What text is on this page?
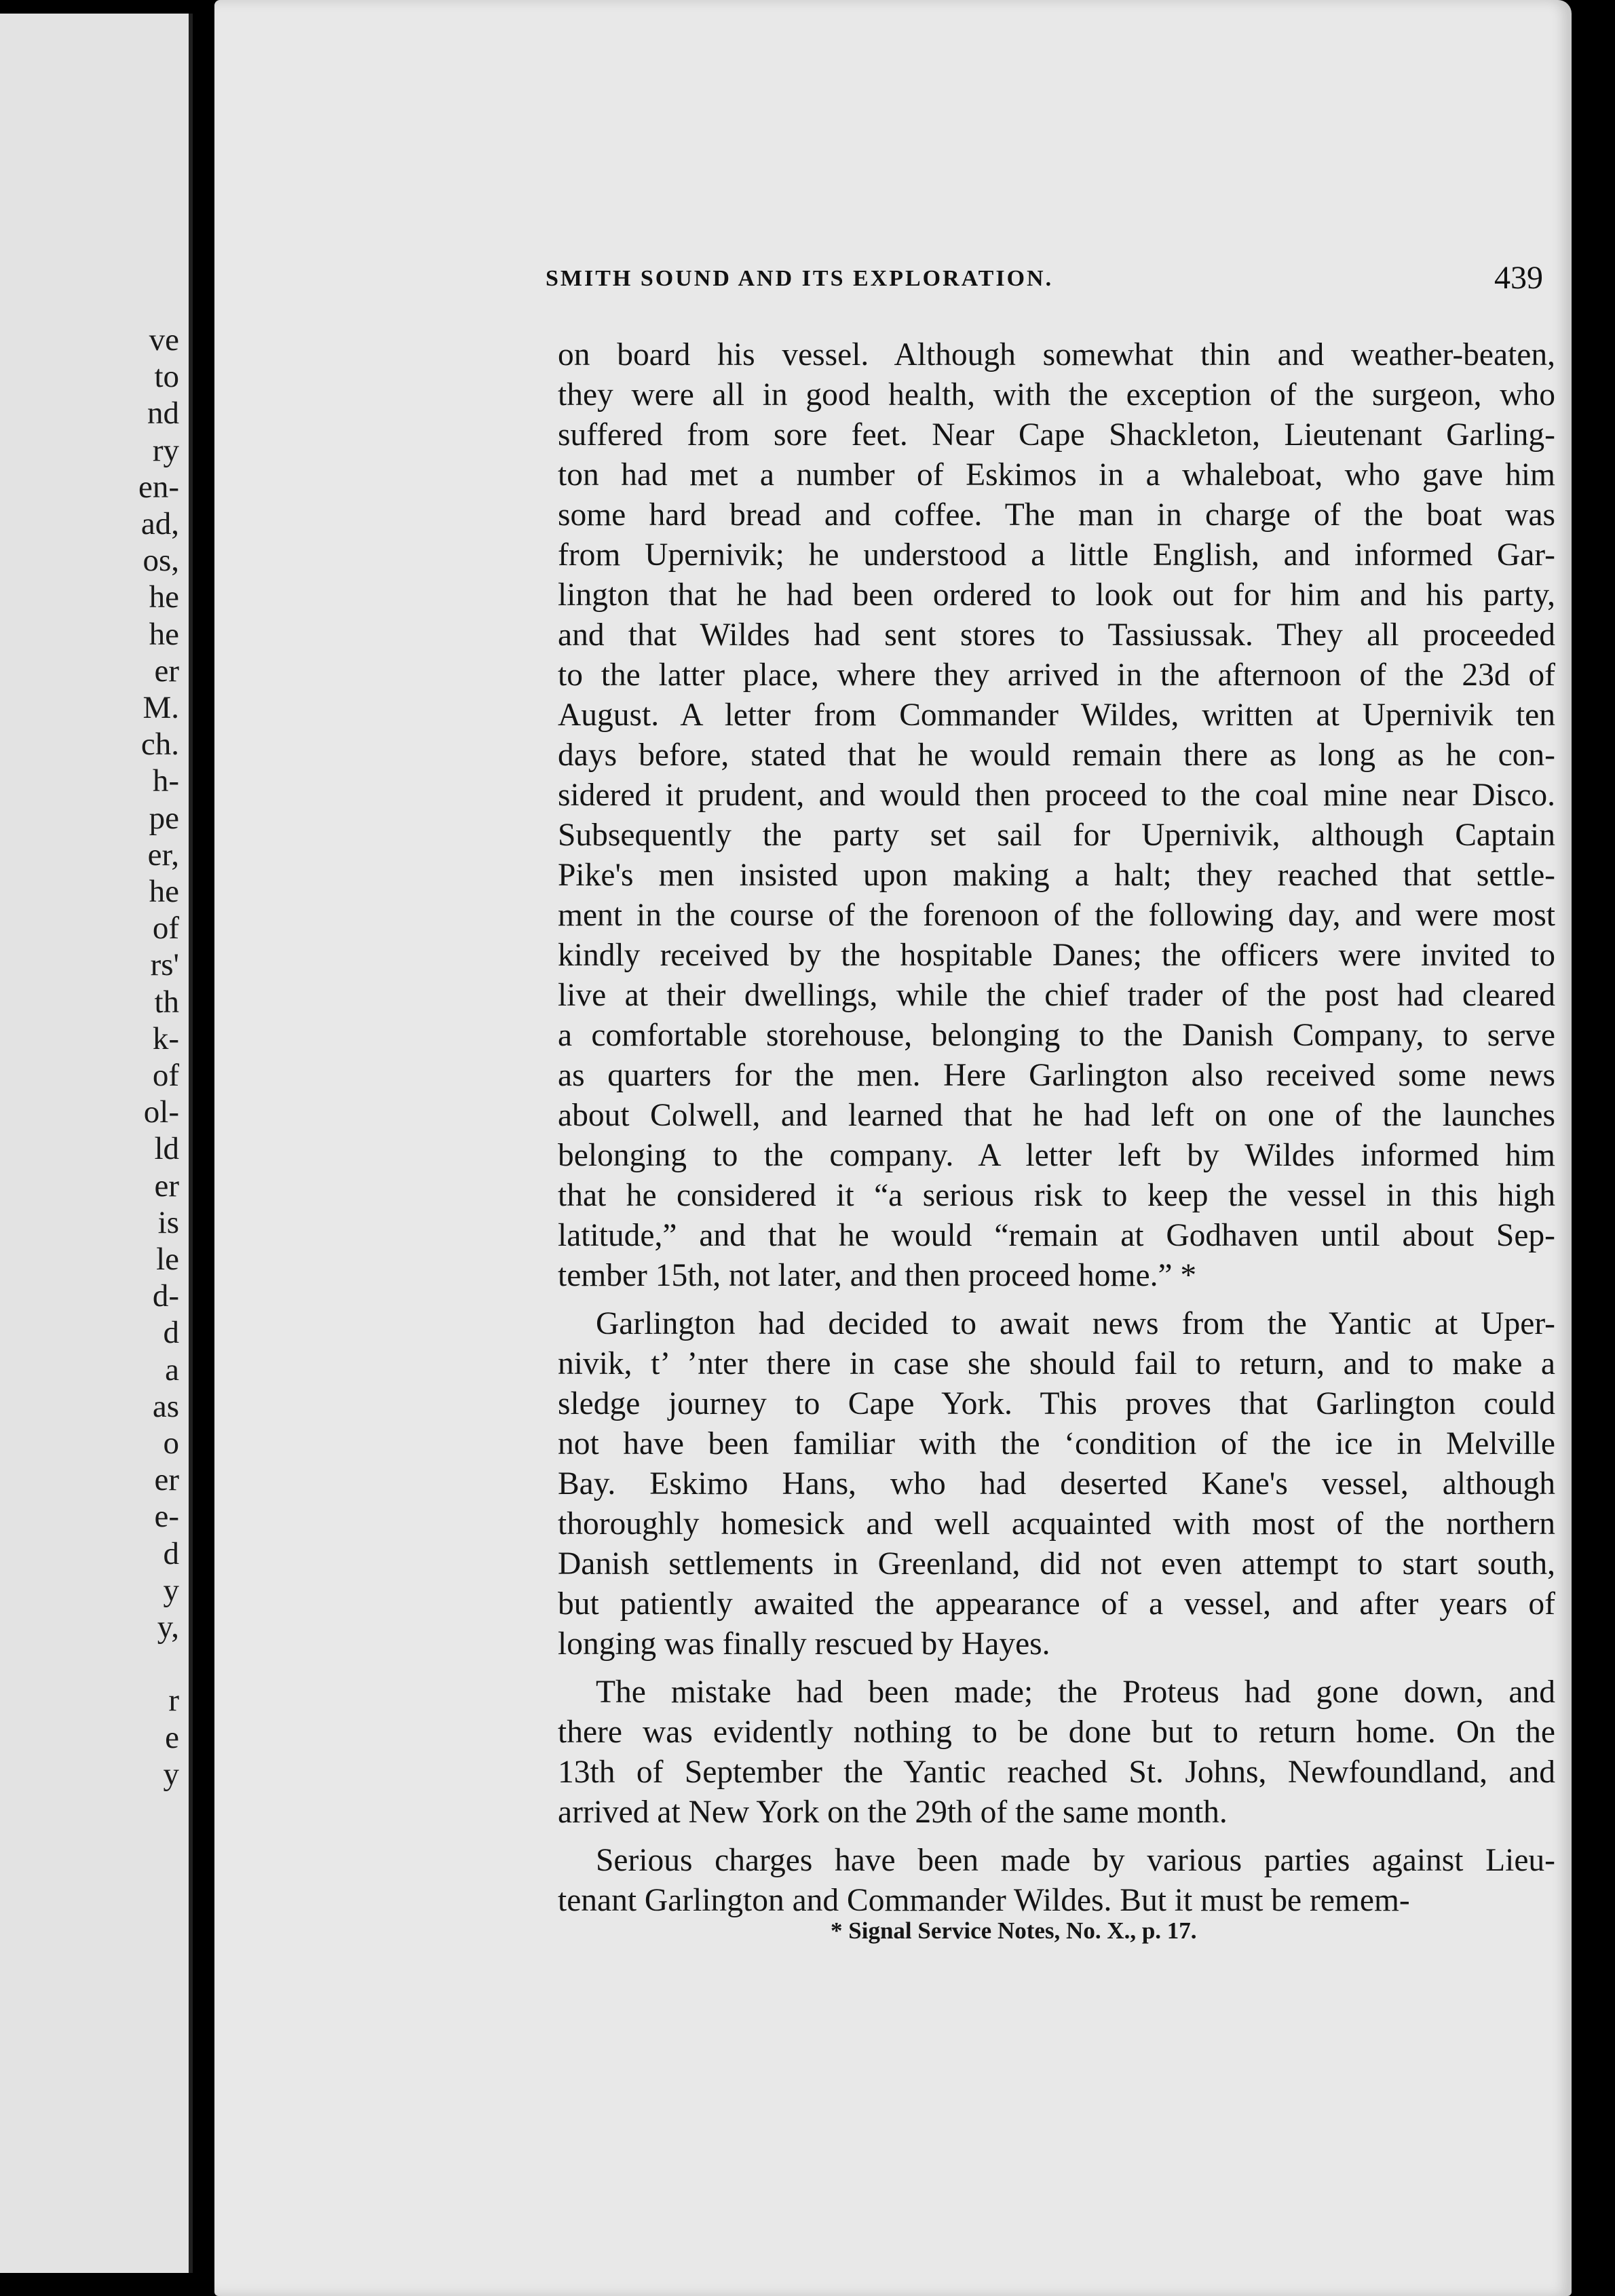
ve
to
nd
ry
en-
ad,
os,
he
he
er
M.
ch.
h-
pe
er,
he
of
rs'
th
k-
of
ol-
ld
er
is
le
d-
d
a
as
o
er
e-
d
y
y,
r
e
y
SMITH SOUND AND ITS EXPLORATION.	439
on board his vessel. Although somewhat thin and weather-beaten,
they were all in good health, with the exception of the surgeon, who
suffered from sore feet. Near Cape Shackleton, Lieutenant Garling-
ton had met a number of Eskimos in a whaleboat, who gave him
some hard bread and coffee. The man in charge of the boat was
from Upernivik; he understood a little English, and informed Gar-
lington that he had been ordered to look out for him and his party,
and that Wildes had sent stores to Tassiussak. They all proceeded
to the latter place, where they arrived in the afternoon of the 23d of
August. A letter from Commander Wildes, written at Upernivik ten
days before, stated that he would remain there as long as he con-
sidered it prudent, and would then proceed to the coal mine near Disco.
Subsequently the party set sail for Upernivik, although Captain
Pike's men insisted upon making a halt; they reached that settle-
ment in the course of the forenoon of the following day, and were most
kindly received by the hospitable Danes; the officers were invited to
live at their dwellings, while the chief trader of the post had cleared
a comfortable storehouse, belonging to the Danish Company, to serve
as quarters for the men. Here Garlington also received some news
about Colwell, and learned that he had left on one of the launches
belonging to the company. A letter left by Wildes informed him
that he considered it “a serious risk to keep the vessel in this high
latitude,” and that he would “remain at Godhaven until about Sep-
tember 15th, not later, and then proceed home.” *
Garlington had decided to await news from the Yantic at Uper-
nivik, t’ ’nter there in case she should fail to return, and to make a
sledge journey to Cape York. This proves that Garlington could
not have been familiar with the ‘condition of the ice in Melville
Bay. Eskimo Hans, who had deserted Kane's vessel, although
thoroughly homesick and well acquainted with most of the northern
Danish settlements in Greenland, did not even attempt to start south,
but patiently awaited the appearance of a vessel, and after years of
longing was finally rescued by Hayes.
The mistake had been made; the Proteus had gone down, and
there was evidently nothing to be done but to return home. On the
13th of September the Yantic reached St. Johns, Newfoundland, and
arrived at New York on the 29th of the same month.
Serious charges have been made by various parties against Lieu-
tenant Garlington and Commander Wildes. But it must be remem-
* Signal Service Notes, No. X., p. 17.
